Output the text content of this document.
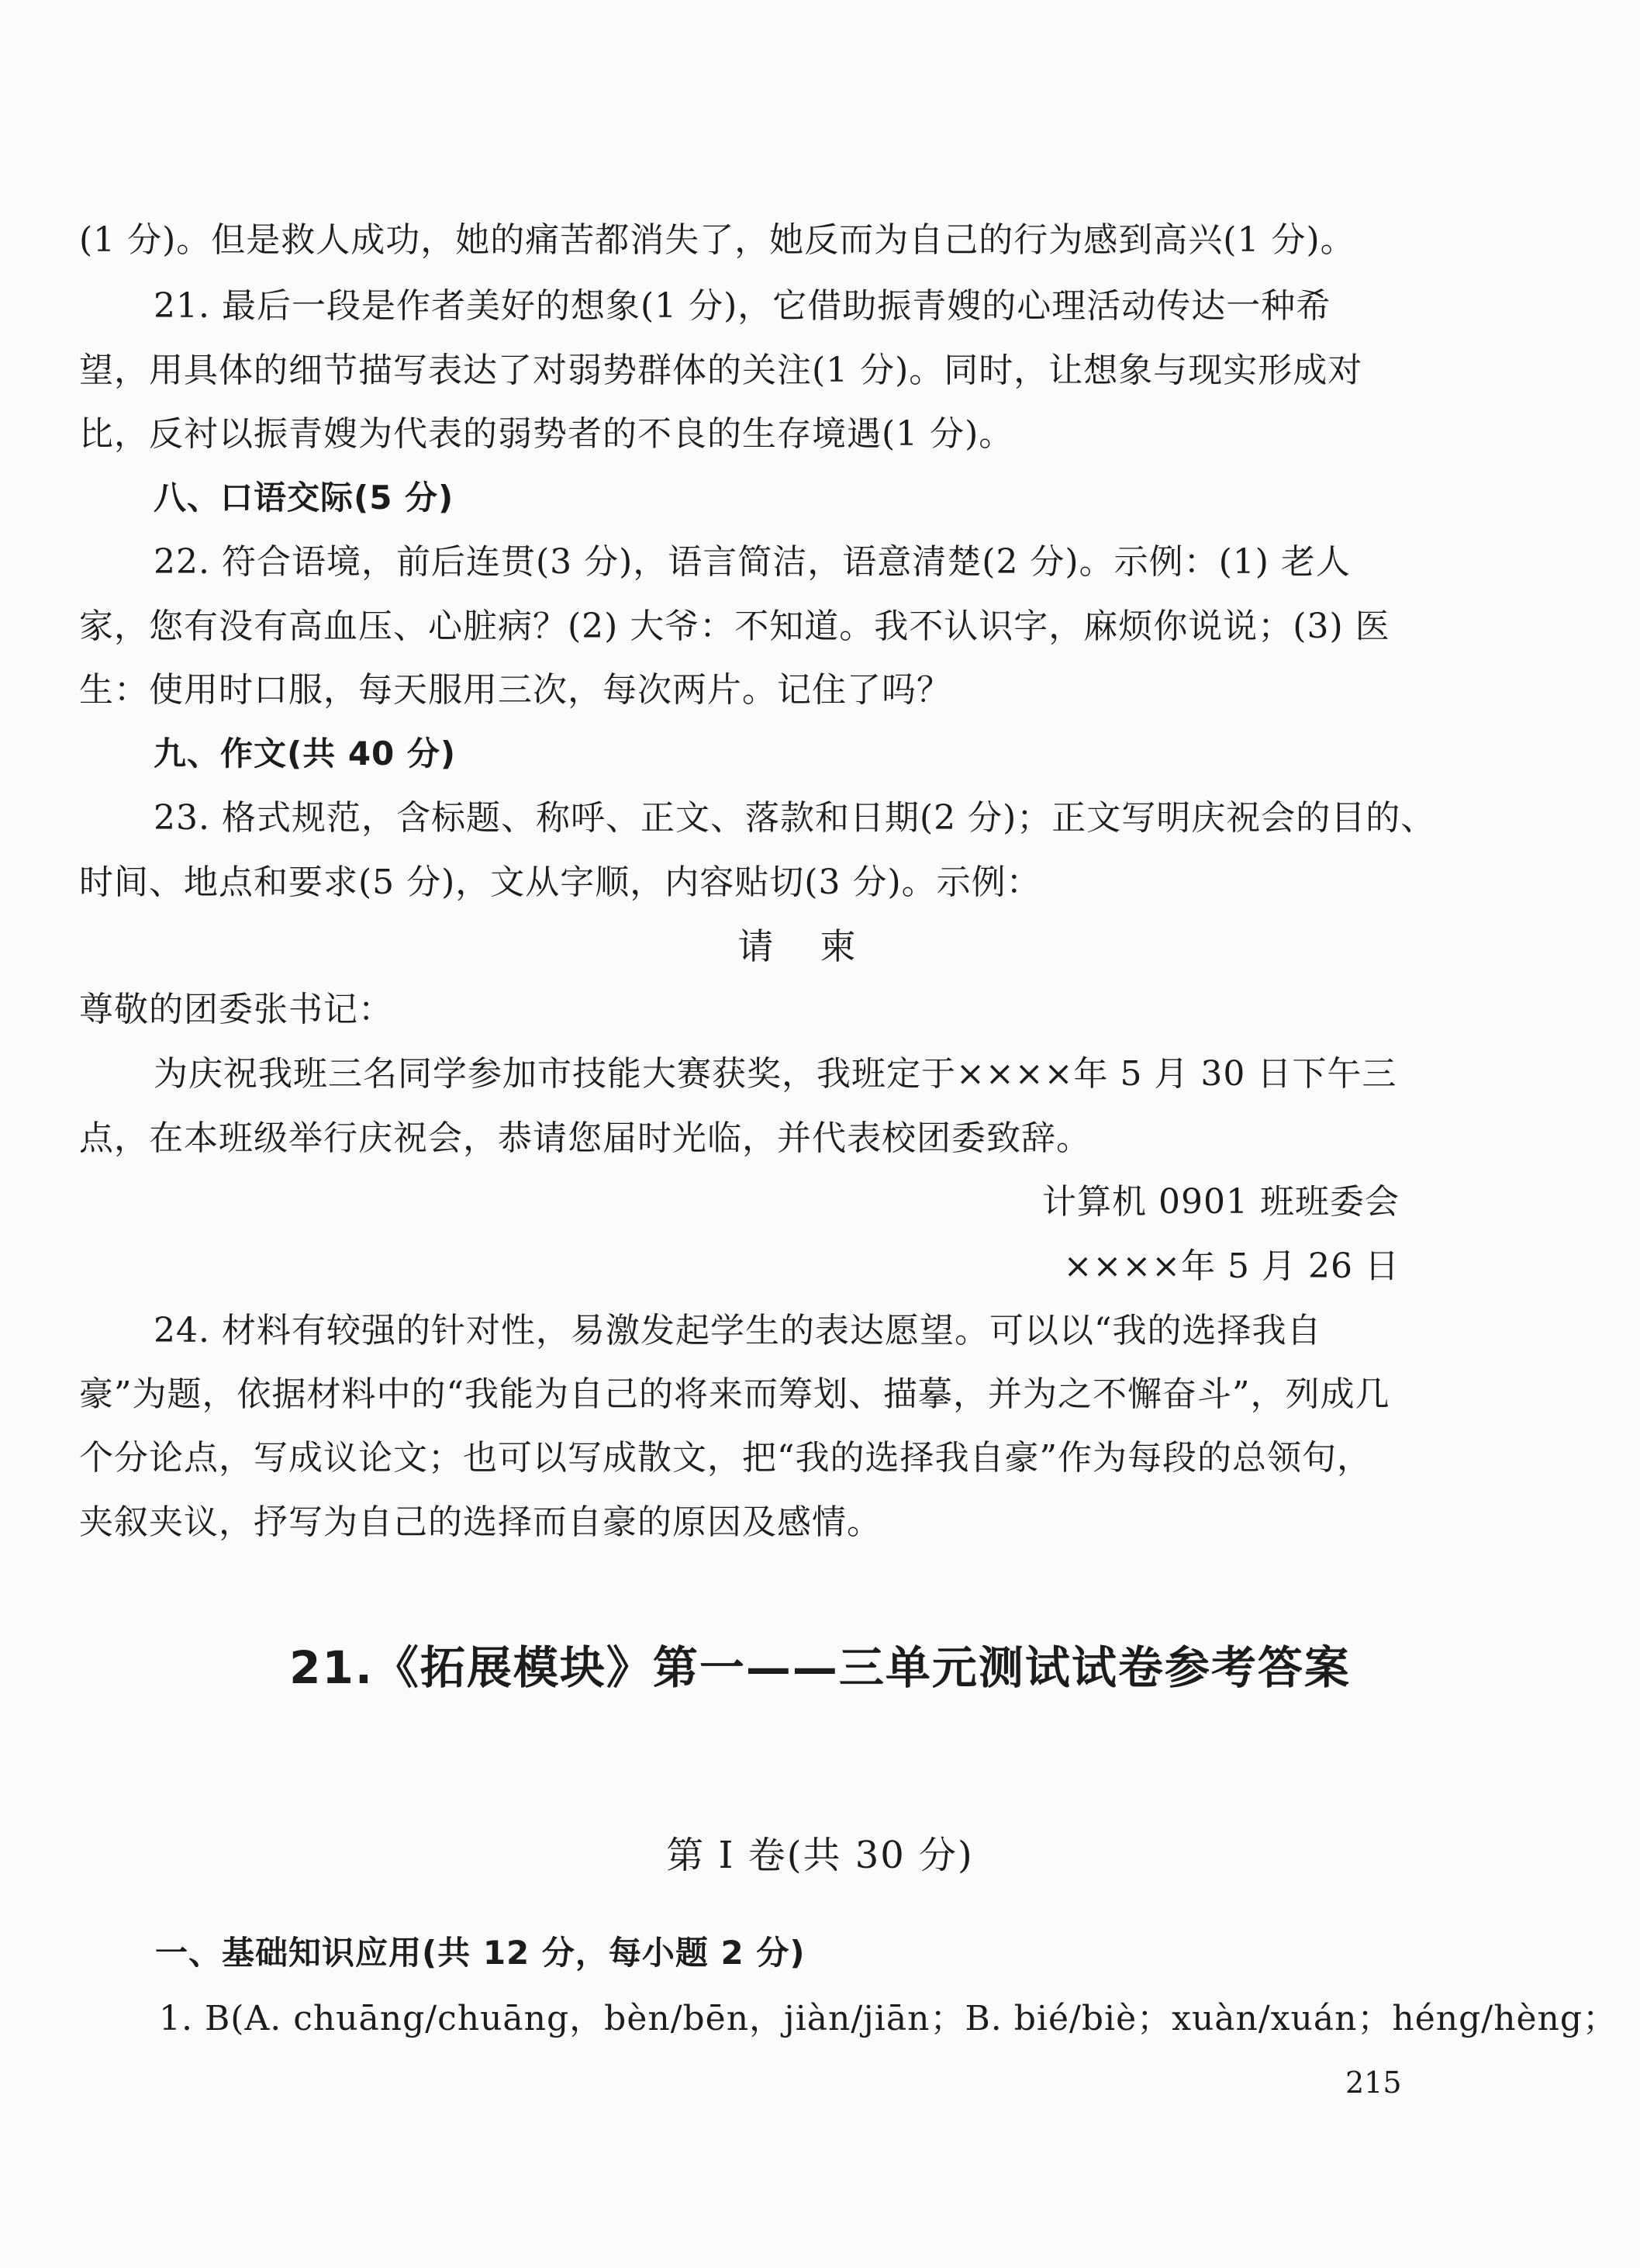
(1 分)。但是救人成功，她的痛苦都消失了，她反而为自己的行为感到高兴(1 分)。
21. 最后一段是作者美好的想象(1 分)，它借助振青嫂的心理活动传达一种希
望，用具体的细节描写表达了对弱势群体的关注(1 分)。同时，让想象与现实形成对
比，反衬以振青嫂为代表的弱势者的不良的生存境遇(1 分)。
八、口语交际(5 分)
22. 符合语境，前后连贯(3 分)，语言简洁，语意清楚(2 分)。示例：(1) 老人
家，您有没有高血压、心脏病？(2) 大爷：不知道。我不认识字，麻烦你说说；(3) 医
生：使用时口服，每天服用三次，每次两片。记住了吗？
九、作文(共 40 分)
23. 格式规范，含标题、称呼、正文、落款和日期(2 分)；正文写明庆祝会的目的、
时间、地点和要求(5 分)，文从字顺，内容贴切(3 分)。示例：
请柬
尊敬的团委张书记：
为庆祝我班三名同学参加市技能大赛获奖，我班定于××××年 5 月 30 日下午三
点，在本班级举行庆祝会，恭请您届时光临，并代表校团委致辞。
计算机 0901 班班委会
××××年 5 月 26 日
24. 材料有较强的针对性，易激发起学生的表达愿望。可以以“我的选择我自
豪”为题，依据材料中的“我能为自己的将来而筹划、描摹，并为之不懈奋斗”，列成几
个分论点，写成议论文；也可以写成散文，把“我的选择我自豪”作为每段的总领句，
夹叙夹议，抒写为自己的选择而自豪的原因及感情。
21.《拓展模块》第一——三单元测试试卷参考答案
第 I 卷(共 30 分)
一、基础知识应用(共 12 分，每小题 2 分)
1. B(A. chuāng/chuāng，bèn/bēn，jiàn/jiān；B. bié/biè；xuàn/xuán；héng/hèng；
215
